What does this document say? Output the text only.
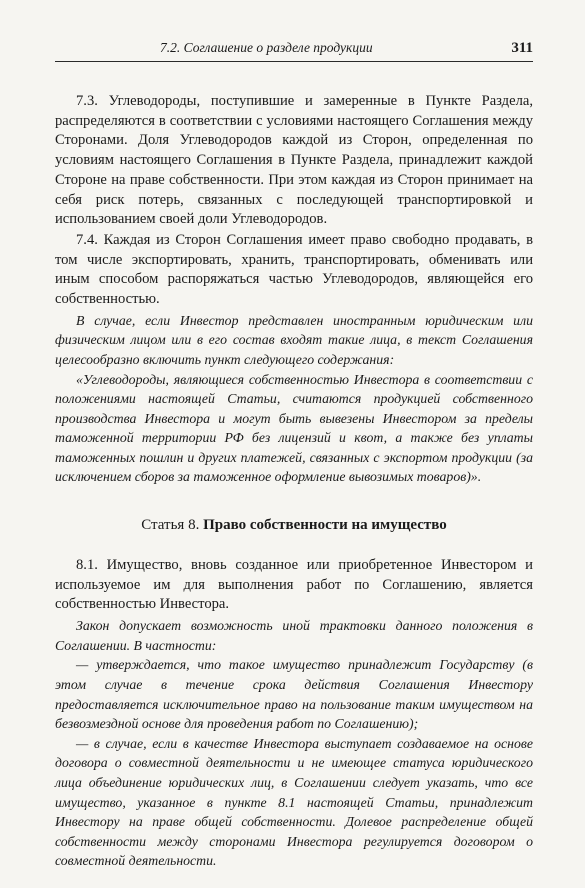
7.2. Соглашение о разделе продукции	311

7.3. Углеводороды, поступившие и замеренные в Пункте Раздела, распределяются в соответствии с условиями настоящего Соглашения между Сторонами. Доля Углеводородов каждой из Сторон, определенная по условиям настоящего Соглашения в Пункте Раздела, принадлежит каждой Стороне на праве собственности. При этом каждая из Сторон принимает на себя риск потерь, связанных с последующей транспортировкой и использованием своей доли Углеводородов.

7.4. Каждая из Сторон Соглашения имеет право свободно продавать, в том числе экспортировать, хранить, транспортировать, обменивать или иным способом распоряжаться частью Углеводородов, являющейся его собственностью.

В случае, если Инвестор представлен иностранным юридическим или физическим лицом или в его состав входят такие лица, в текст Соглашения целесообразно включить пункт следующего содержания:

«Углеводороды, являющиеся собственностью Инвестора в соответствии с положениями настоящей Статьи, считаются продукцией собственного производства Инвестора и могут быть вывезены Инвестором за пределы таможенной территории РФ без лицензий и квот, а также без уплаты таможенных пошлин и других платежей, связанных с экспортом продукции (за исключением сборов за таможенное оформление вывозимых товаров)».

Статья 8. Право собственности на имущество

8.1. Имущество, вновь созданное или приобретенное Инвестором и используемое им для выполнения работ по Соглашению, является собственностью Инвестора.

Закон допускает возможность иной трактовки данного положения в Соглашении. В частности:

— утверждается, что такое имущество принадлежит Государству (в этом случае в течение срока действия Соглашения Инвестору предоставляется исключительное право на пользование таким имуществом на безвозмездной основе для проведения работ по Соглашению);

— в случае, если в качестве Инвестора выступает создаваемое на основе договора о совместной деятельности и не имеющее статуса юридического лица объединение юридических лиц, в Соглашении следует указать, что все имущество, указанное в пункте 8.1 настоящей Статьи, принадлежит Инвестору на праве общей собственности. Долевое распределение общей собственности между сторонами Инвестора регулируется договором о совместной деятельности.
